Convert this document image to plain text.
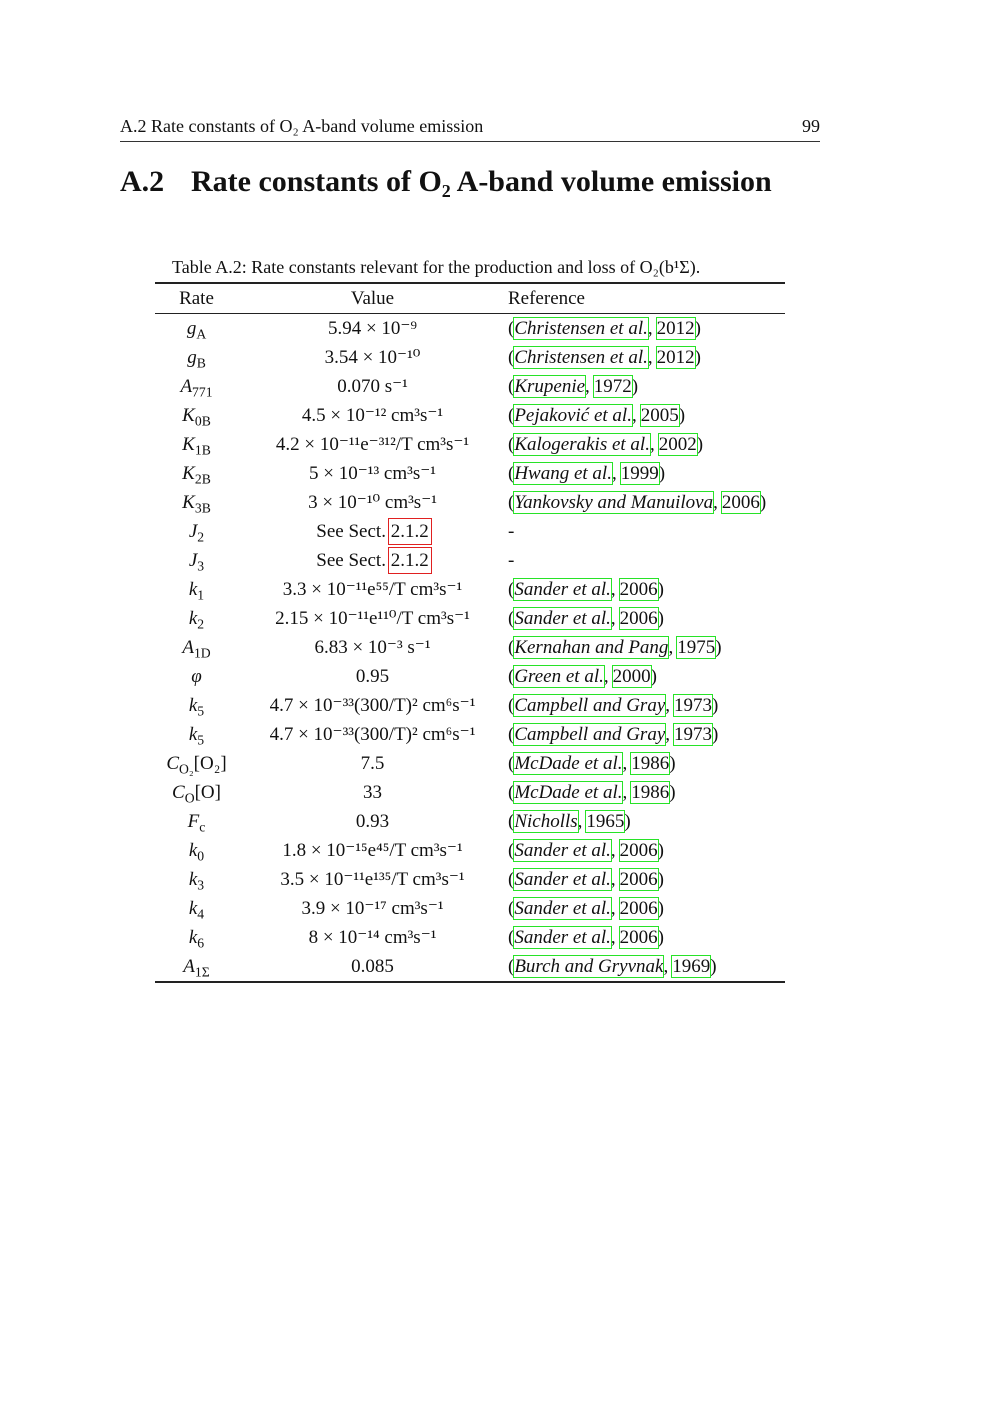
A.2 Rate constants of O₂ A-band volume emission	99
A.2 Rate constants of O₂ A-band volume emission
Table A.2: Rate constants relevant for the production and loss of O₂(b¹Σ).
Rate	Value	Reference
$g_A$	5.94 × 10⁻⁹	(Christensen et al., 2012)
$g_B$	3.54 × 10⁻¹⁰	(Christensen et al., 2012)
$A_{771}$	0.070 s⁻¹	(Krupenie, 1972)
$K_{0B}$	4.5 × 10⁻¹² cm³s⁻¹	(Pejaković et al., 2005)
$K_{1B}$	4.2 × 10⁻¹¹e⁻³¹²/T cm³s⁻¹	(Kalogerakis et al., 2002)
$K_{2B}$	5 × 10⁻¹³ cm³s⁻¹	(Hwang et al., 1999)
$K_{3B}$	3 × 10⁻¹⁰ cm³s⁻¹	(Yankovsky and Manuilova, 2006)
$J_2$	See Sect. 2.1.2	-
$J_3$	See Sect. 2.1.2	-
$k_1$	3.3 × 10⁻¹¹e⁵⁵/T cm³s⁻¹	(Sander et al., 2006)
$k_2$	2.15 × 10⁻¹¹e¹¹⁰/T cm³s⁻¹	(Sander et al., 2006)
$A_{1D}$	6.83 × 10⁻³ s⁻¹	(Kernahan and Pang, 1975)
φ	0.95	(Green et al., 2000)
$k_5$	4.7 × 10⁻³³(300/T)² cm⁶s⁻¹	(Campbell and Gray, 1973)
$k_5$	4.7 × 10⁻³³(300/T)² cm⁶s⁻¹	(Campbell and Gray, 1973)
$C_{O_2}[O_2]$	7.5	(McDade et al., 1986)
$C_O[O]$	33	(McDade et al., 1986)
$F_c$	0.93	(Nicholls, 1965)
$k_0$	1.8 × 10⁻¹⁵e⁴⁵/T cm³s⁻¹	(Sander et al., 2006)
$k_3$	3.5 × 10⁻¹¹e¹³⁵/T cm³s⁻¹	(Sander et al., 2006)
$k_4$	3.9 × 10⁻¹⁷ cm³s⁻¹	(Sander et al., 2006)
$k_6$	8 × 10⁻¹⁴ cm³s⁻¹	(Sander et al., 2006)
$A_{1\Sigma}$	0.085	(Burch and Gryvnak, 1969)
